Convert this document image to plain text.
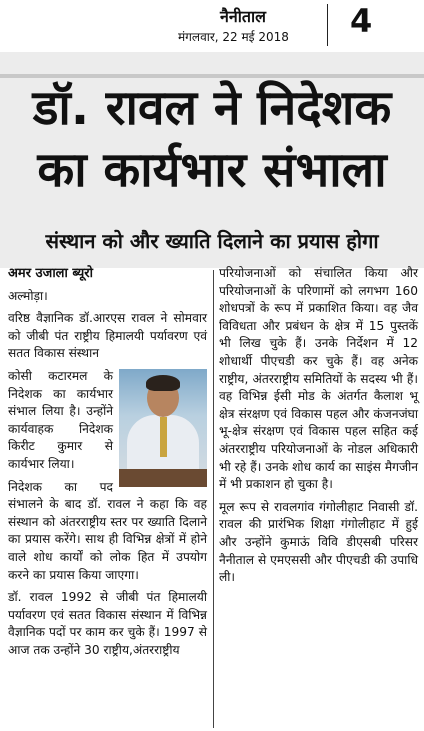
नैनीताल
मंगलवार, 22 मई 2018 4
डॉ. रावल ने निदेशक
का कार्यभार संभाला
संस्थान को और ख्याति दिलाने का प्रयास होगा

अमर उजाला ब्यूरो

अल्मोड़ा।

वरिष्ठ वैज्ञानिक डॉ.आरएस रावल ने सोमवार को जीबी पंत राष्ट्रीय हिमालयी पर्यावरण एवं सतत विकास संस्थान

कोसी कटारमल के निदेशक का कार्यभार संभाल लिया है। उन्होंने कार्यवाहक निदेशक किरीट कुमार से कार्यभार लिया।

निदेशक का पद संभालने के बाद डॉ. रावल ने कहा कि वह संस्थान को अंतरराष्ट्रीय स्तर पर ख्याति दिलाने का प्रयास करेंगे। साथ ही विभिन्न क्षेत्रों में होने वाले शोध कार्यों को लोक हित में उपयोग करने का प्रयास किया जाएगा।

डॉ. रावल 1992 से जीबी पंत हिमालयी पर्यावरण एवं सतत विकास संस्थान में विभिन्न वैज्ञानिक पदों पर काम कर चुके हैं। 1997 से आज तक उन्होंने 30 राष्ट्रीय,अंतरराष्ट्रीय

परियोजनाओं को संचालित किया और परियोजनाओं के परिणामों को लगभग 160 शोधपत्रों के रूप में प्रकाशित किया। वह जैव विविधता और प्रबंधन के क्षेत्र में 15 पुस्तकें भी लिख चुके हैं। उनके निर्देशन में 12 शोधार्थी पीएचडी कर चुके हैं। वह अनेक राष्ट्रीय, अंतरराष्ट्रीय समितियों के सदस्य भी हैं। वह विभिन्न ईसी मोड के अंतर्गत कैलाश भू क्षेत्र संरक्षण एवं विकास पहल और कंजनजंघा भू-क्षेत्र संरक्षण एवं विकास पहल सहित कई अंतरराष्ट्रीय परियोजनाओं के नोडल अधिकारी भी रहे हैं। उनके शोध कार्य का साइंस मैगजीन में भी प्रकाशन हो चुका है।

मूल रूप से रावलगांव गंगोलीहाट निवासी डॉ. रावल की प्रारंभिक शिक्षा गंगोलीहाट में हुई और उन्होंने कुमाऊं विवि डीएसबी परिसर नैनीताल से एमएससी और पीएचडी की उपाधि ली।
